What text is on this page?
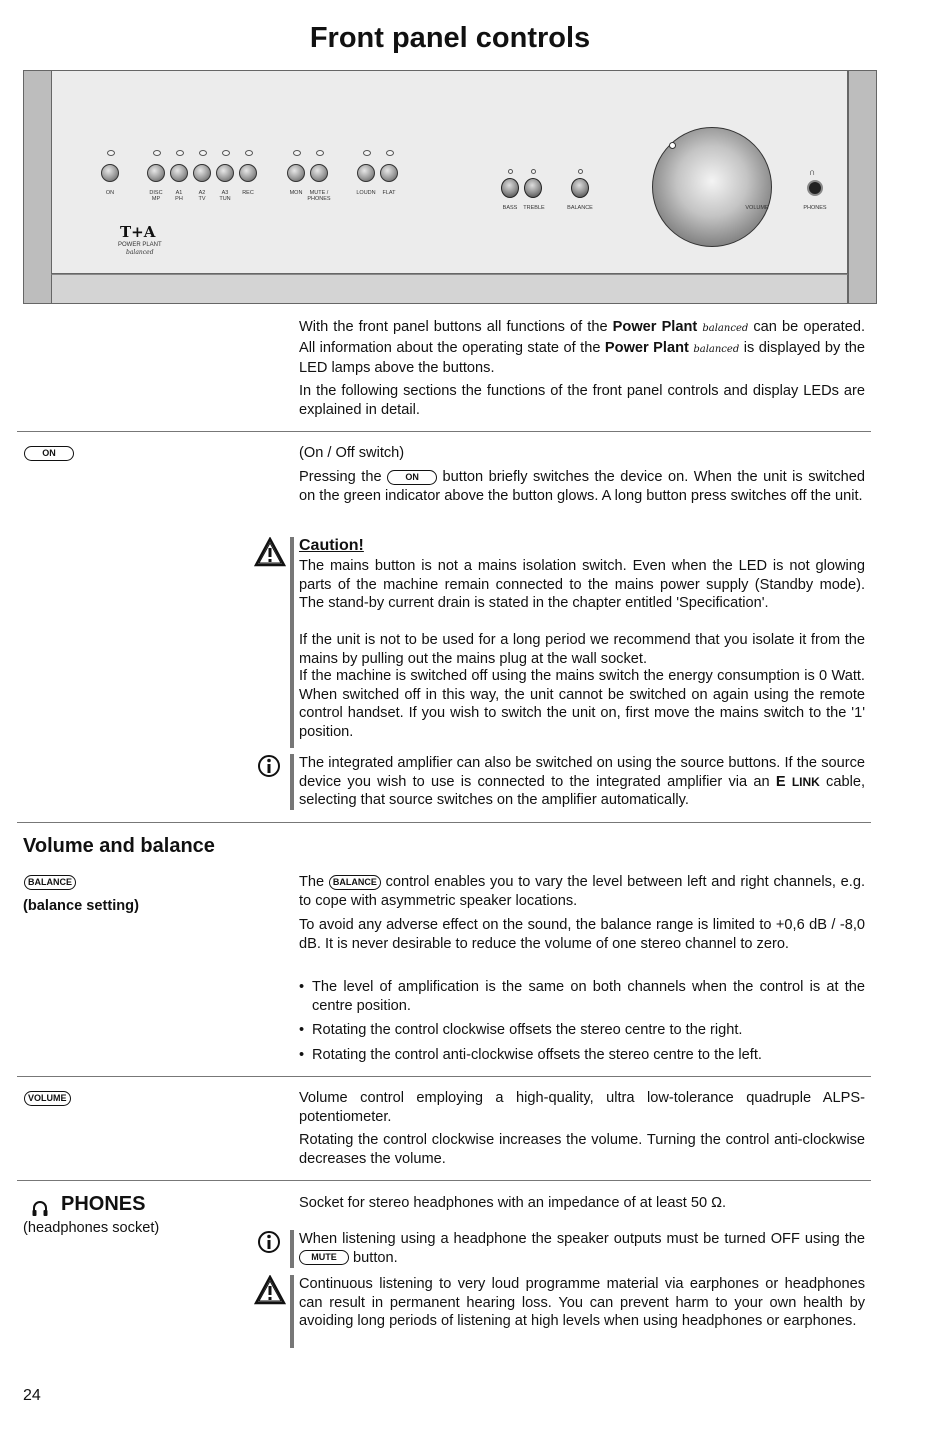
Front panel controls
ON	DISC
MP
A1
PH
A2
TV
A3
TUN
REC	MON	MUTE /
PHONES
LOUDN	FLAT
BASS	TREBLE	BALANCE	VOLUME
∩
PHONES
T+A
POWER PLANT
balanced

With the front panel buttons all functions of the Power Plant balanced can be operated. All information about the operating state of the Power Plant balanced is displayed by the LED lamps above the buttons.

In the following sections the functions of the front panel controls and display LEDs are explained in detail.

ON	(On / Off switch)

Pressing the ON button briefly switches the device on. When the unit is switched on the green indicator above the button glows. A long button press switches off the unit.

Caution!

The mains button is not a mains isolation switch. Even when the LED is not glowing parts of the machine remain connected to the mains power supply (Standby mode). The stand-by current drain is stated in the chapter entitled 'Specification'.

If the unit is not to be used for a long period we recommend that you isolate it from the mains by pulling out the mains plug at the wall socket.

If the machine is switched off using the mains switch the energy consumption is 0 Watt. When switched off in this way, the unit cannot be switched on again using the remote control handset. If you wish to switch the unit on, first move the mains switch to the '1' position.

The integrated amplifier can also be switched on using the source buttons. If the source device you wish to use is connected to the integrated amplifier via an E LINK cable, selecting that source switches on the amplifier automatically.

Volume and balance
BALANCE
(balance setting)

The BALANCE control enables you to vary the level between left and right channels, e.g. to cope with asymmetric speaker locations.

To avoid any adverse effect on the sound, the balance range is limited to +0,6 dB / -8,0 dB. It is never desirable to reduce the volume of one stereo channel to zero.

• The level of amplification is the same on both channels when the control is at the centre position.
• Rotating the control clockwise offsets the stereo centre to the right.
• Rotating the control anti-clockwise offsets the stereo centre to the left.
VOLUME	Volume control employing a high-quality, ultra low-tolerance quadruple ALPS-potentiometer.

Rotating the control clockwise increases the volume. Turning the control anti-clockwise decreases the volume.

PHONES
(headphones socket)

Socket for stereo headphones with an impedance of at least 50 Ω.

When listening using a headphone the speaker outputs must be turned OFF using the MUTE button.

Continuous listening to very loud programme material via earphones or headphones can result in permanent hearing loss. You can prevent harm to your own health by avoiding long periods of listening at high levels when using headphones or earphones.

24
